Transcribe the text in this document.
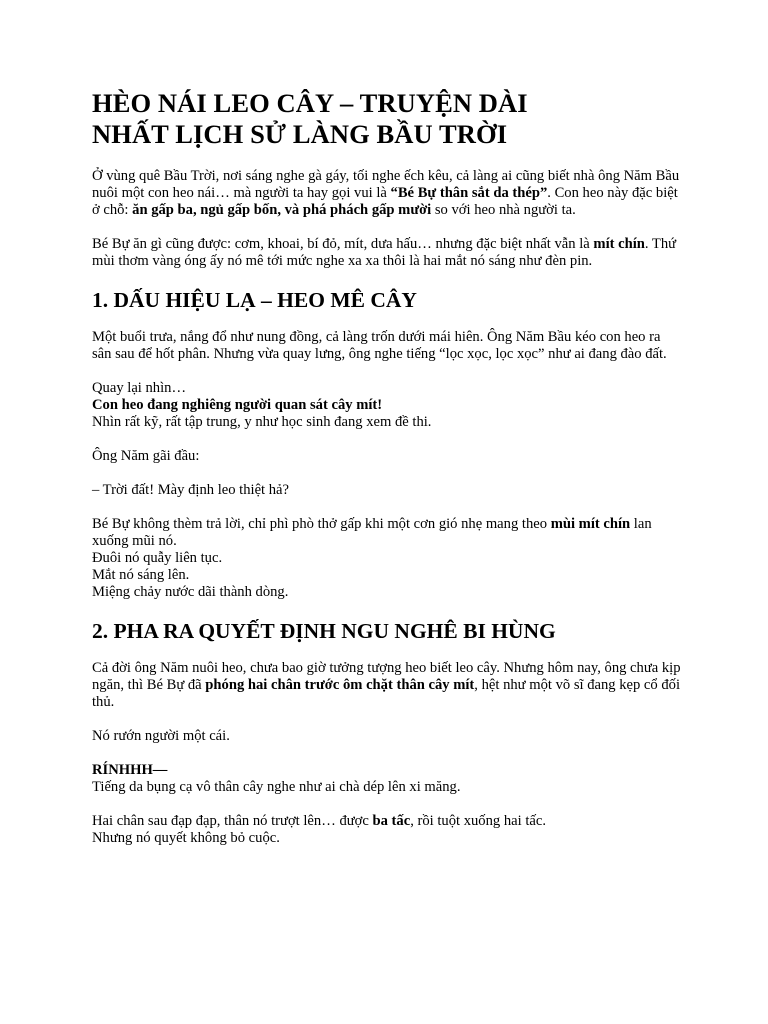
HÈO NÁI LEO CÂY – TRUYỆN DÀI
NHẤT LỊCH SỬ LÀNG BẦU TRỜI

Ở vùng quê Bầu Trời, nơi sáng nghe gà gáy, tối nghe ếch kêu, cả làng ai cũng biết nhà ông Năm Bầu nuôi một con heo nái… mà người ta hay gọi vui là “Bé Bự thân sắt da thép”. Con heo này đặc biệt ở chỗ: ăn gấp ba, ngủ gấp bốn, và phá phách gấp mười so với heo nhà người ta.

Bé Bự ăn gì cũng được: cơm, khoai, bí đỏ, mít, dưa hấu… nhưng đặc biệt nhất vẫn là mít chín. Thứ mùi thơm vàng óng ấy nó mê tới mức nghe xa xa thôi là hai mắt nó sáng như đèn pin.

1. DẤU HIỆU LẠ – HEO MÊ CÂY

Một buổi trưa, nắng đổ như nung đồng, cả làng trốn dưới mái hiên. Ông Năm Bầu kéo con heo ra sân sau để hốt phân. Nhưng vừa quay lưng, ông nghe tiếng “lọc xọc, lọc xọc” như ai đang đào đất.

Quay lại nhìn…
Con heo đang nghiêng người quan sát cây mít!
Nhìn rất kỹ, rất tập trung, y như học sinh đang xem đề thi.

Ông Năm gãi đầu:

– Trời đất! Mày định leo thiệt hả?

Bé Bự không thèm trả lời, chỉ phì phò thở gấp khi một cơn gió nhẹ mang theo mùi mít chín lan xuống mũi nó.
Đuôi nó quẫy liên tục.
Mắt nó sáng lên.
Miệng chảy nước dãi thành dòng.

2. PHA RA QUYẾT ĐỊNH NGU NGHÊ BI HÙNG

Cả đời ông Năm nuôi heo, chưa bao giờ tưởng tượng heo biết leo cây. Nhưng hôm nay, ông chưa kịp ngăn, thì Bé Bự đã phóng hai chân trước ôm chặt thân cây mít, hệt như một võ sĩ đang kẹp cổ đối thủ.

Nó rướn người một cái.

RÍNHHH—
Tiếng da bụng cạ vô thân cây nghe như ai chà dép lên xi măng.

Hai chân sau đạp đạp, thân nó trượt lên… được ba tấc, rồi tuột xuống hai tấc.
Nhưng nó quyết không bỏ cuộc.
